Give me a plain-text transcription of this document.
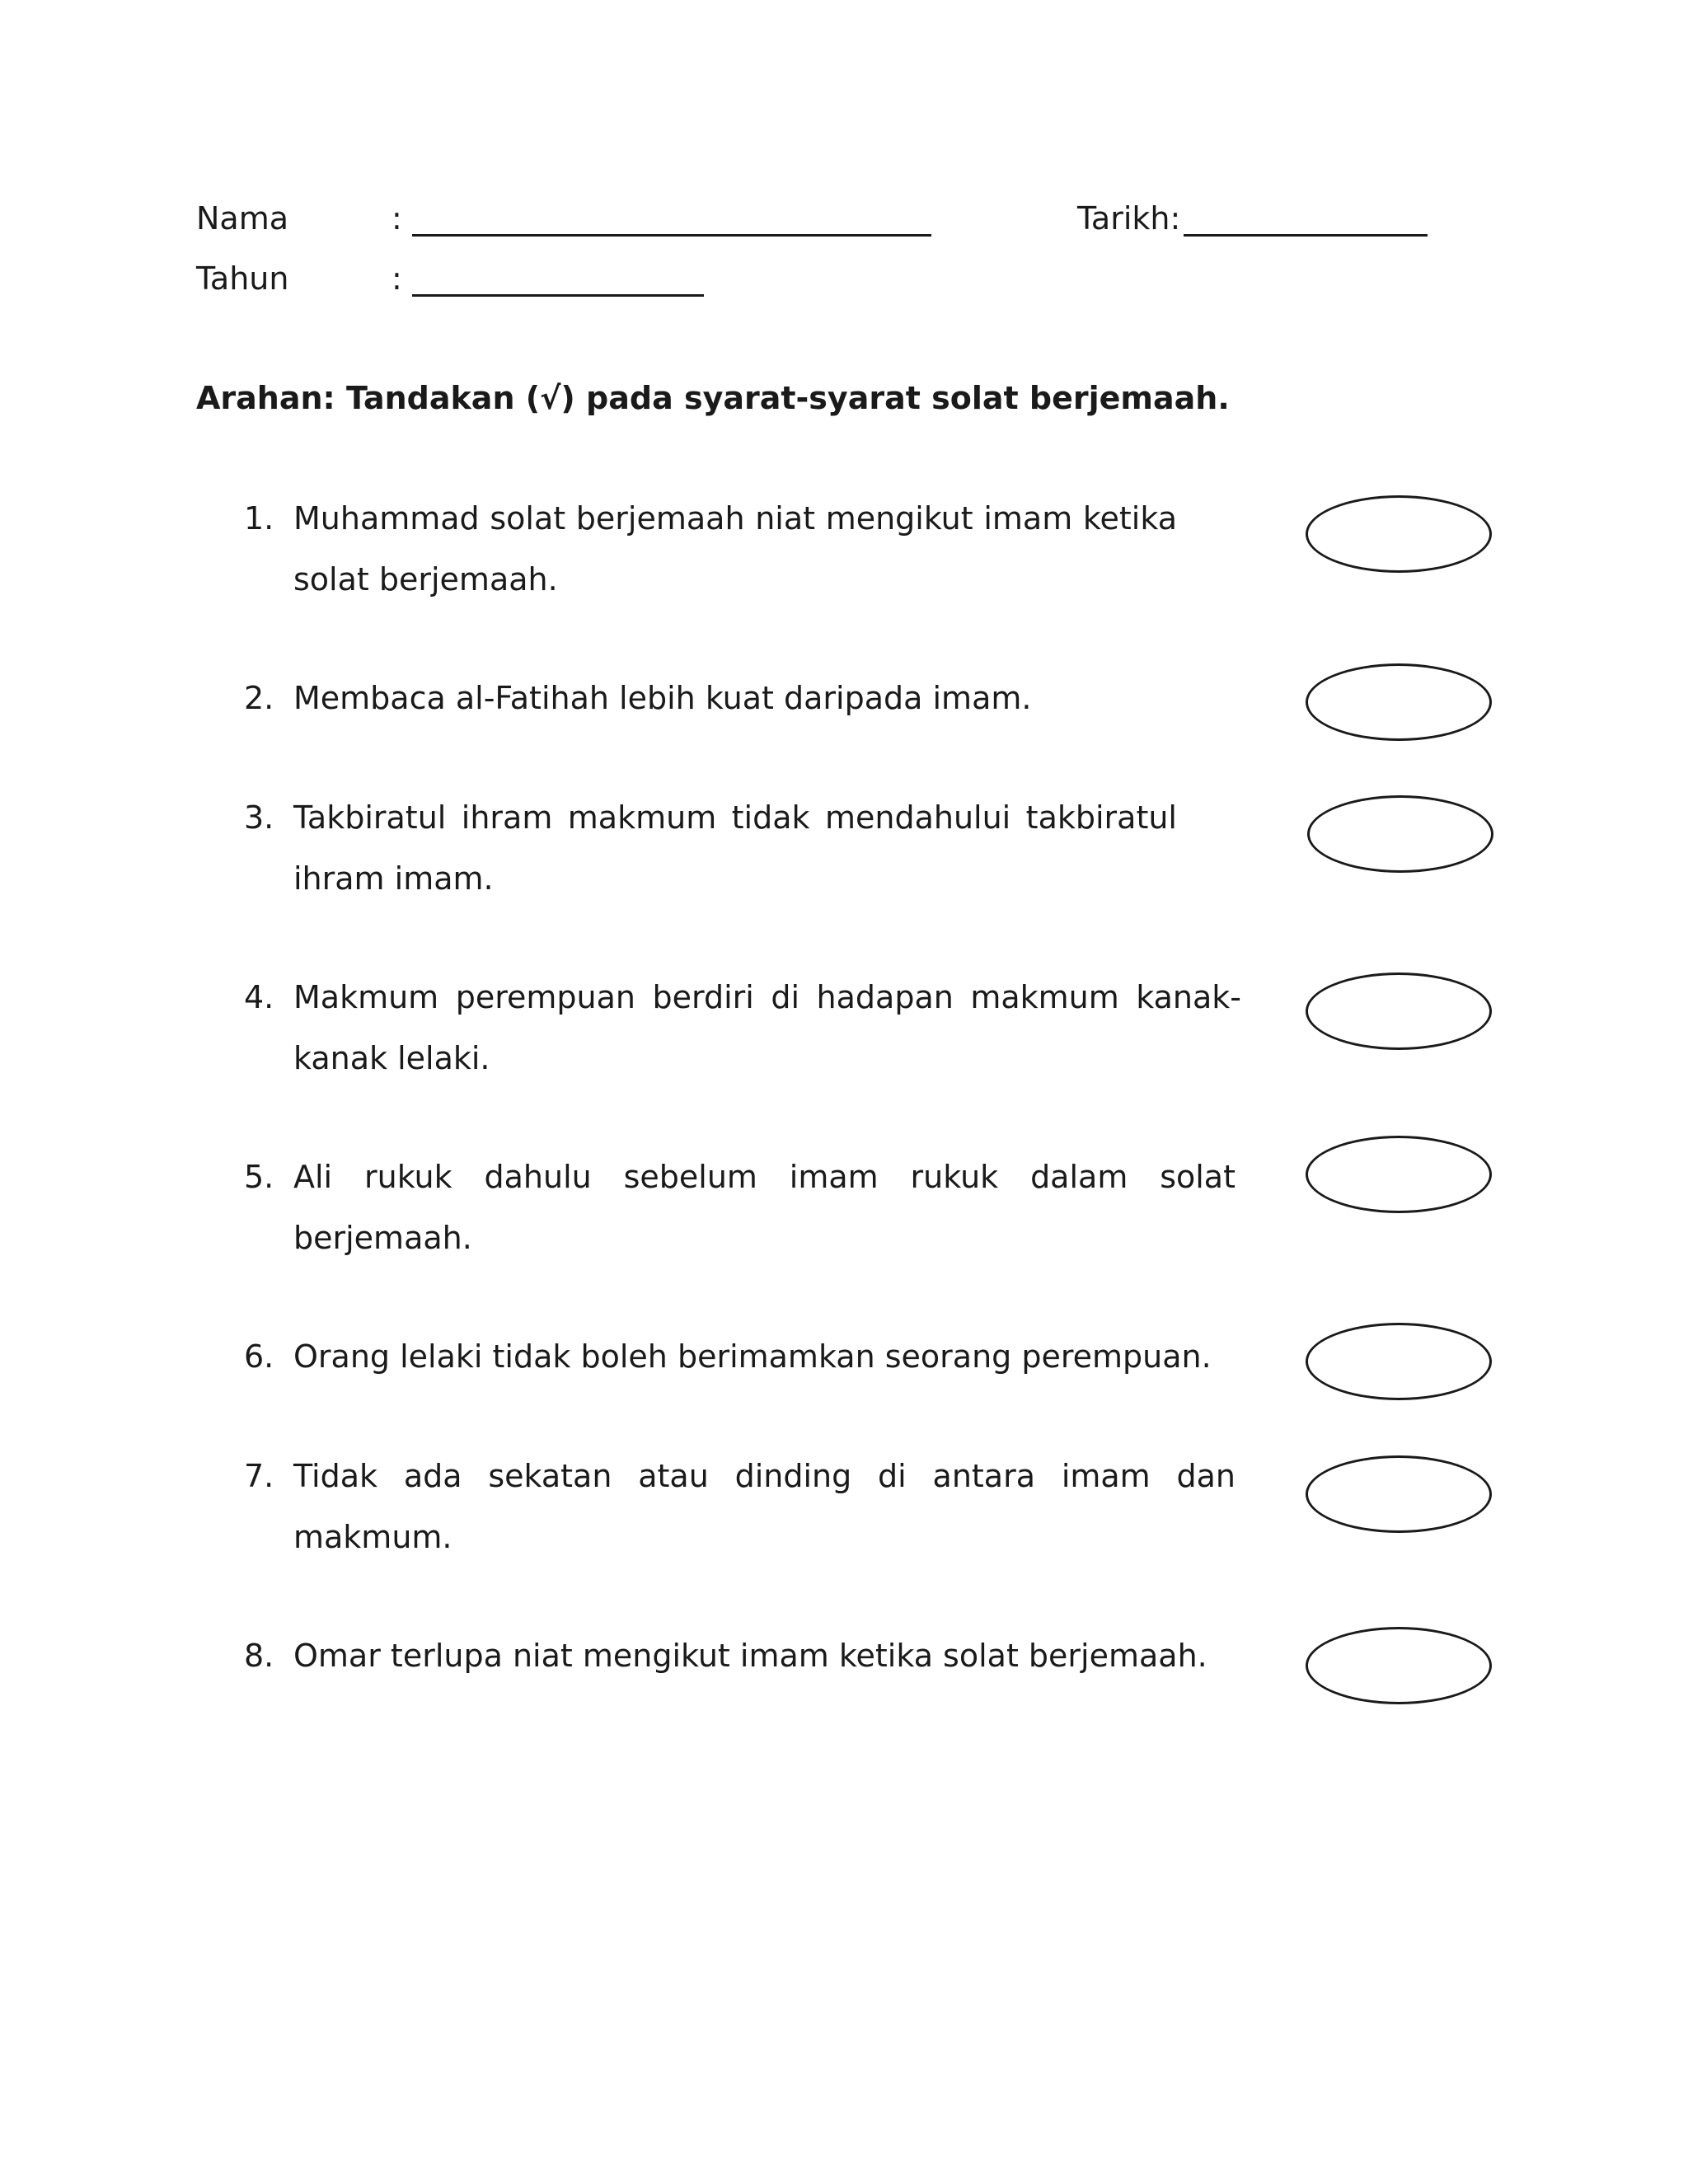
Nama	:	Tarikh:
Tahun	:
Arahan: Tandakan (√) pada syarat-syarat solat berjemaah.
1. Muhammad solat berjemaah niat mengikut imam ketika solat berjemaah.
2. Membaca al-Fatihah lebih kuat daripada imam.
3. Takbiratul ihram makmum tidak mendahului takbiratul ihram imam.
4. Makmum perempuan berdiri di hadapan makmum kanak-kanak lelaki.
5. Ali rukuk dahulu sebelum imam rukuk dalam solat berjemaah.
6. Orang lelaki tidak boleh berimamkan seorang perempuan.
7. Tidak ada sekatan atau dinding di antara imam dan makmum.
8. Omar terlupa niat mengikut imam ketika solat berjemaah.
